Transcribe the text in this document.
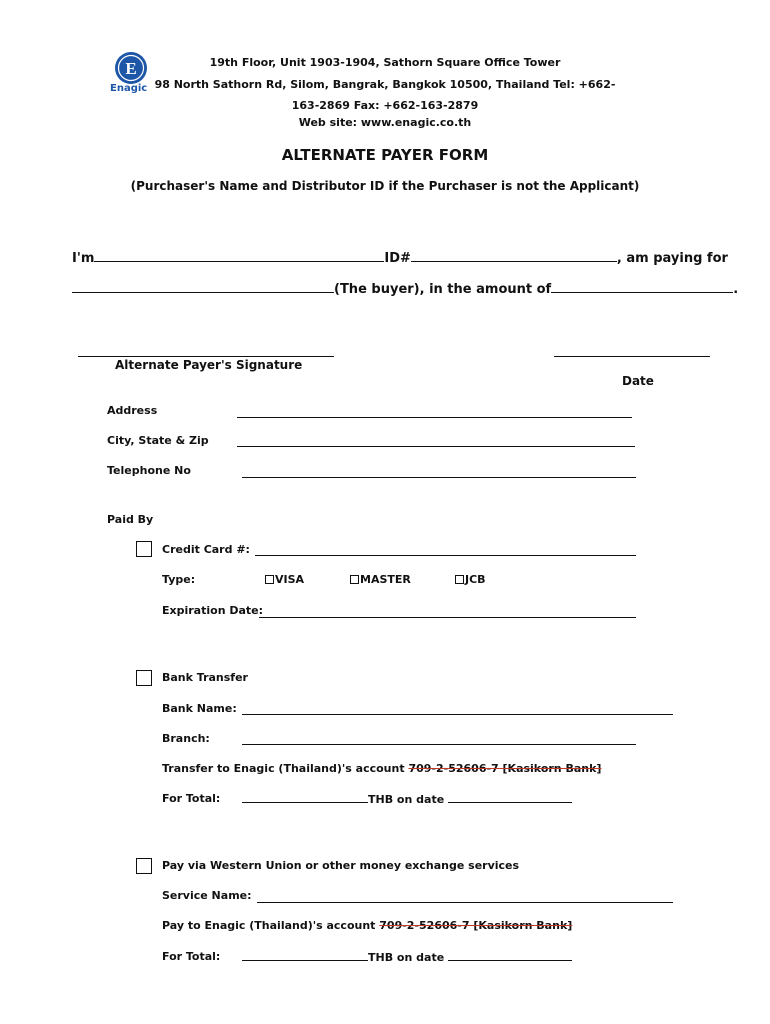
E
Enagic
19th Floor, Unit 1903-1904, Sathorn Square Office Tower
98 North Sathorn Rd, Silom, Bangrak, Bangkok 10500, Thailand Tel: +662-
163-2869 Fax: +662-163-2879
Web site: www.enagic.co.th
ALTERNATE PAYER FORM
(Purchaser's Name and Distributor ID if the Purchaser is not the Applicant)
I'm	ID#	, am paying for
(The buyer), in the amount of	.
Alternate Payer's Signature
Date
Address
City, State & Zip
Telephone No
Paid By
Credit Card #:
Type:	VISA	MASTER	JCB
Expiration Date:
Bank Transfer
Bank Name:
Branch:
Transfer to Enagic (Thailand)'s account 709-2-52606-7 [Kasikorn Bank]
For Total:	THB on date
Pay via Western Union or other money exchange services
Service Name:
Pay to Enagic (Thailand)'s account 709-2-52606-7 [Kasikorn Bank]
For Total:	THB on date
